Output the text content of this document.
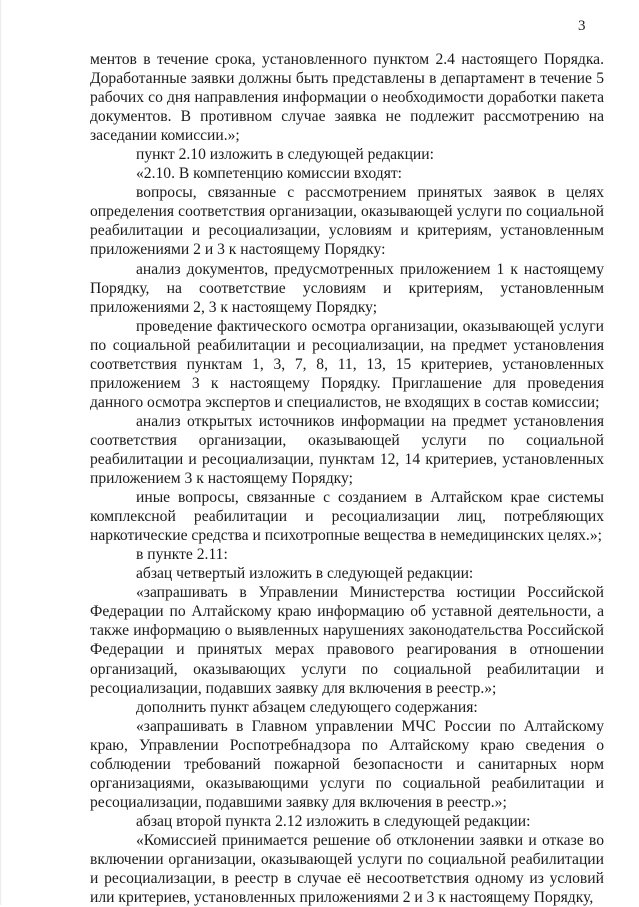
3

ментов в течение срока, установленного пунктом 2.4 настоящего Порядка. Доработанные заявки должны быть представлены в департамент в течение 5 рабочих со дня направления информации о необходимости доработки пакета документов. В противном случае заявка не подлежит рассмотрению на заседании комиссии.»;

пункт 2.10 изложить в следующей редакции:

«2.10. В компетенцию комиссии входят:

вопросы, связанные с рассмотрением принятых заявок в целях определения соответствия организации, оказывающей услуги по социальной реабилитации и ресоциализации, условиям и критериям, установленным приложениями 2 и 3 к настоящему Порядку:

анализ документов, предусмотренных приложением 1 к настоящему Порядку, на соответствие условиям и критериям, установленным приложениями 2, 3 к настоящему Порядку;

проведение фактического осмотра организации, оказывающей услуги по социальной реабилитации и ресоциализации, на предмет установления соответствия пунктам 1, 3, 7, 8, 11, 13, 15 критериев, установленных приложением 3 к настоящему Порядку. Приглашение для проведения данного осмотра экспертов и специалистов, не входящих в состав комиссии;

анализ открытых источников информации на предмет установления соответствия организации, оказывающей услуги по социальной реабилитации и ресоциализации, пунктам 12, 14 критериев, установленных приложением 3 к настоящему Порядку;

иные вопросы, связанные с созданием в Алтайском крае системы комплексной реабилитации и ресоциализации лиц, потребляющих наркотические средства и психотропные вещества в немедицинских целях.»;

в пункте 2.11:

абзац четвертый изложить в следующей редакции:

«запрашивать в Управлении Министерства юстиции Российской Федерации по Алтайскому краю информацию об уставной деятельности, а также информацию о выявленных нарушениях законодательства Российской Федерации и принятых мерах правового реагирования в отношении организаций, оказывающих услуги по социальной реабилитации и ресоциализации, подавших заявку для включения в реестр.»;

дополнить пункт абзацем следующего содержания:

«запрашивать в Главном управлении МЧС России по Алтайскому краю, Управлении Роспотребнадзора по Алтайскому краю сведения о соблюдении требований пожарной безопасности и санитарных норм организациями, оказывающими услуги по социальной реабилитации и ресоциализации, подавшими заявку для включения в реестр.»;

абзац второй пункта 2.12 изложить в следующей редакции:

«Комиссией принимается решение об отклонении заявки и отказе во включении организации, оказывающей услуги по социальной реабилитации и ресоциализации, в реестр в случае её несоответствия одному из условий или критериев, установленных приложениями 2 и 3 к настоящему Порядку,
